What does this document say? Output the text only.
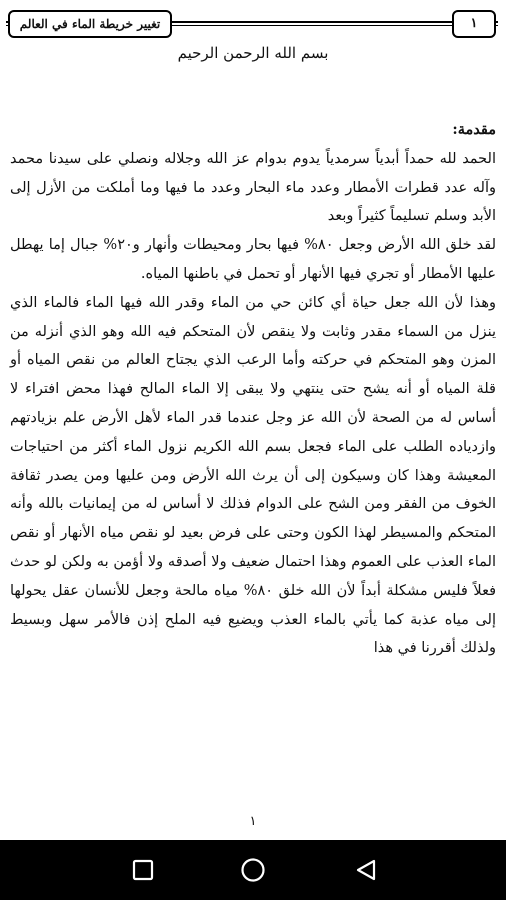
١
تغيير خريطة الماء في العالم
بسم الله الرحمن الرحيم

مقدمة:

الحمد لله حمداً أبدياً سرمدياً يدوم بدوام عز الله وجلاله ونصلي على سيدنا محمد وآله عدد قطرات الأمطار وعدد ماء البحار وعدد ما فيها وما أملكت من الأزل إلى الأبد وسلم تسليماً كثيراً وبعد

لقد خلق الله الأرض وجعل ٨٠% فيها بحار ومحيطات وأنهار و٢٠% جبال إما يهطل عليها الأمطار أو تجري فيها الأنهار أو تحمل في باطنها المياه.

وهذا لأن الله جعل حياة أي كائن حي من الماء وقدر الله فيها الماء فالماء الذي ينزل من السماء مقدر وثابت ولا ينقص لأن المتحكم فيه الله وهو الذي أنزله من المزن وهو المتحكم في حركته وأما الرعب الذي يجتاح العالم من نقص المياه أو قلة المياه أو أنه يشح حتى ينتهي ولا يبقى إلا الماء المالح فهذا محض افتراء لا أساس له من الصحة لأن الله عز وجل عندما قدر الماء لأهل الأرض علم بزيادتهم وازدياده الطلب على الماء فجعل بسم الله الكريم نزول الماء أكثر من احتياجات المعيشة وهذا كان وسيكون إلى أن يرث الله الأرض ومن عليها ومن يصدر ثقافة الخوف من الفقر ومن الشح على الدوام فذلك لا أساس له من إيمانيات بالله وأنه المتحكم والمسيطر لهذا الكون وحتى على فرض بعيد لو نقص مياه الأنهار أو نقص الماء العذب على العموم وهذا احتمال ضعيف ولا أصدقه ولا أؤمن به ولكن لو حدث فعلاً فليس مشكلة أبداً لأن الله خلق ٨٠% مياه مالحة وجعل للأنسان عقل يحولها إلى مياه عذبة كما يأتي بالماء العذب ويضيع فيه الملح إذن فالأمر سهل وبسيط ولذلك أقررنا في هذا

١
